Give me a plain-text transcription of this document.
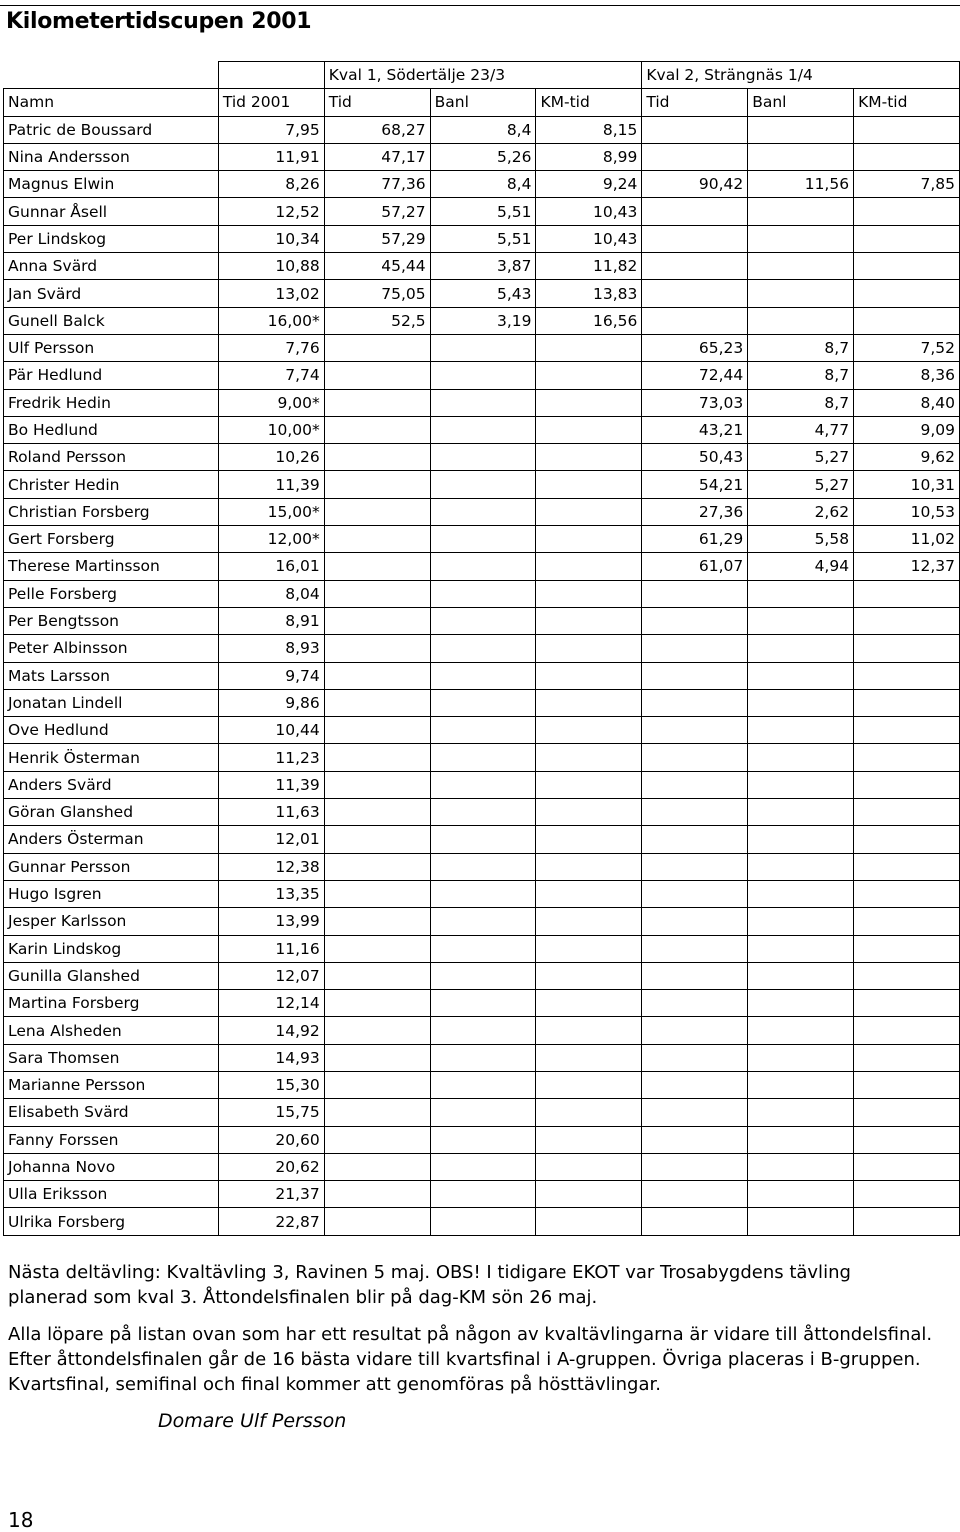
Kilometertidscupen 2001
		Kval 1, Södertälje 23/3			Kval 2, Strängnäs 1/4		
Namn	Tid 2001	Tid	Banl	KM-tid	Tid	Banl	KM-tid
Patric de Boussard	7,95	68,27	8,4	8,15			
Nina Andersson	11,91	47,17	5,26	8,99			
Magnus Elwin	8,26	77,36	8,4	9,24	90,42	11,56	7,85
Gunnar Åsell	12,52	57,27	5,51	10,43			
Per Lindskog	10,34	57,29	5,51	10,43			
Anna Svärd	10,88	45,44	3,87	11,82			
Jan Svärd	13,02	75,05	5,43	13,83			
Gunell Balck	16,00*	52,5	3,19	16,56			
Ulf Persson	7,76				65,23	8,7	7,52
Pär Hedlund	7,74				72,44	8,7	8,36
Fredrik Hedin	9,00*				73,03	8,7	8,40
Bo Hedlund	10,00*				43,21	4,77	9,09
Roland Persson	10,26				50,43	5,27	9,62
Christer Hedin	11,39				54,21	5,27	10,31
Christian Forsberg	15,00*				27,36	2,62	10,53
Gert Forsberg	12,00*				61,29	5,58	11,02
Therese Martinsson	16,01				61,07	4,94	12,37
Pelle Forsberg	8,04						
Per Bengtsson	8,91						
Peter Albinsson	8,93						
Mats Larsson	9,74						
Jonatan Lindell	9,86						
Ove Hedlund	10,44						
Henrik Österman	11,23						
Anders Svärd	11,39						
Göran Glanshed	11,63						
Anders Österman	12,01						
Gunnar Persson	12,38						
Hugo Isgren	13,35						
Jesper Karlsson	13,99						
Karin Lindskog	11,16						
Gunilla Glanshed	12,07						
Martina Forsberg	12,14						
Lena Alsheden	14,92						
Sara Thomsen	14,93						
Marianne Persson	15,30						
Elisabeth Svärd	15,75						
Fanny Forssen	20,60						
Johanna Novo	20,62						
Ulla Eriksson	21,37						
Ulrika Forsberg	22,87						

Nästa deltävling: Kvaltävling 3, Ravinen 5 maj. OBS! I tidigare EKOT var Trosabygdens tävling

planerad som kval 3. Åttondelsfinalen blir på dag-KM sön 26 maj.

Alla löpare på listan ovan som har ett resultat på någon av kvaltävlingarna är vidare till åttondelsfinal.

Efter åttondelsfinalen går de 16 bästa vidare till kvartsfinal i A-gruppen. Övriga placeras i B-gruppen.

Kvartsfinal, semifinal och final kommer att genomföras på hösttävlingar.

Domare Ulf Persson
18
